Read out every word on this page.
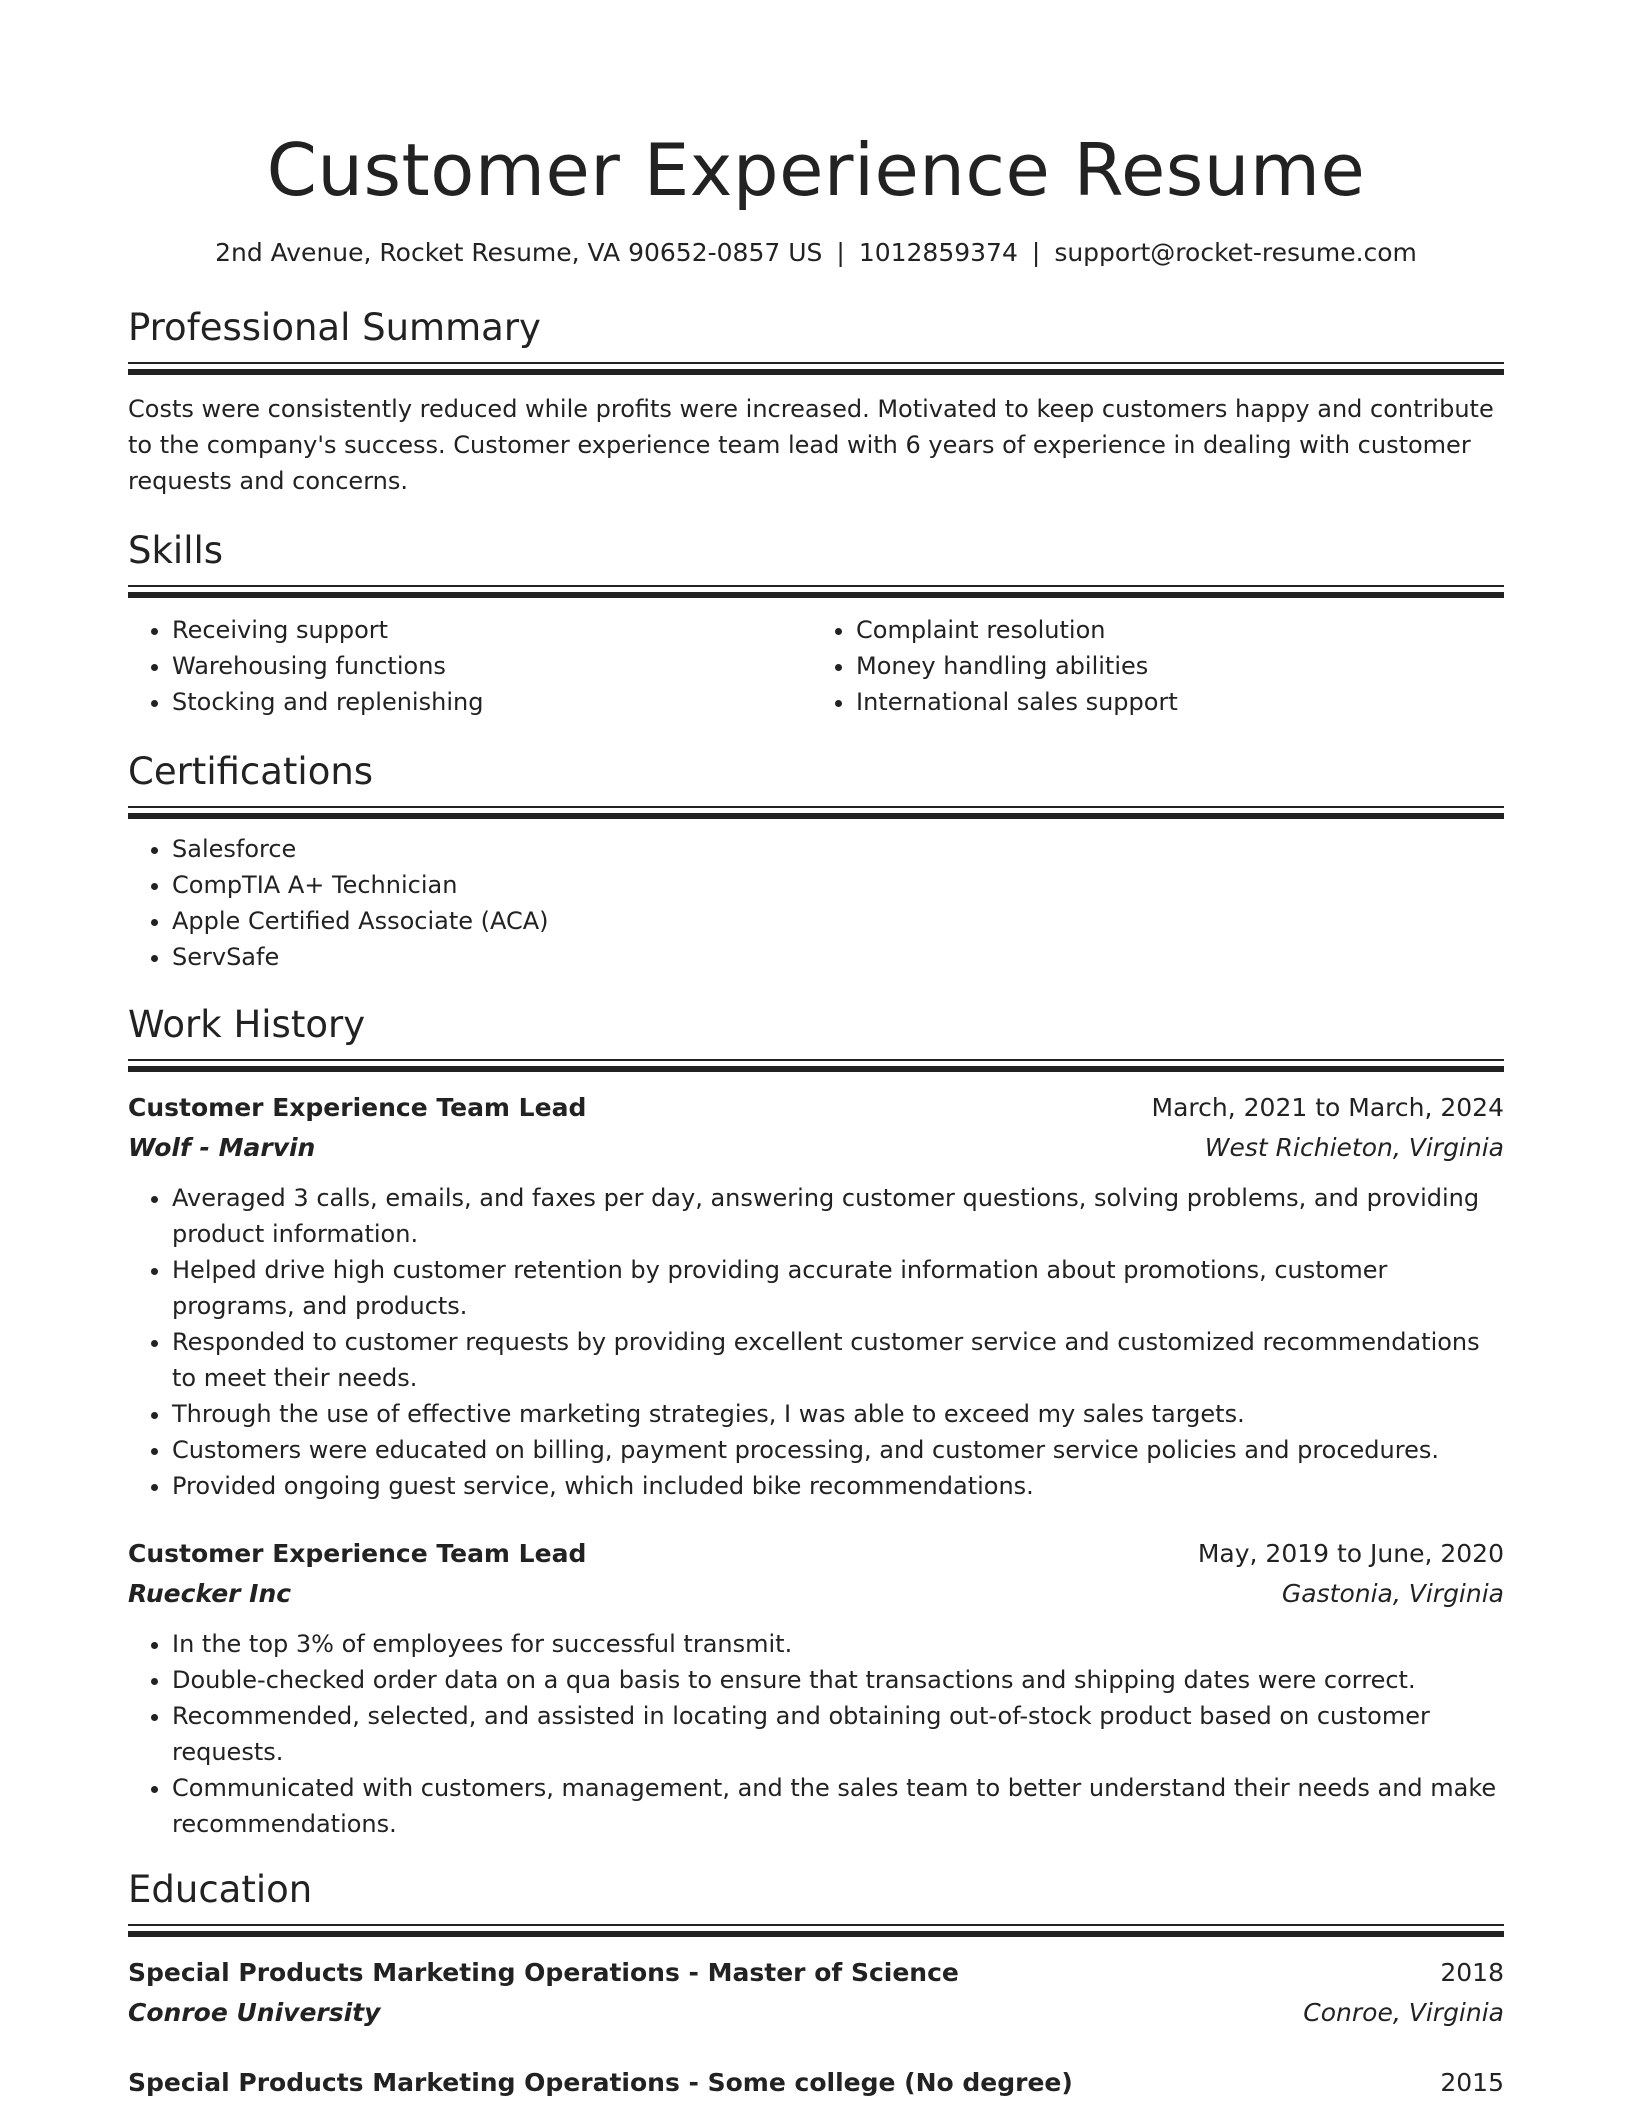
Customer Experience Resume
2nd Avenue, Rocket Resume, VA 90652-0857 US | 1012859374 | support@rocket-resume.com
Professional Summary
Costs were consistently reduced while profits were increased. Motivated to keep customers happy and contribute to the company's success. Customer experience team lead with 6 years of experience in dealing with customer requests and concerns.
Skills
• Receiving support
• Warehousing functions
• Stocking and replenishing
• Complaint resolution
• Money handling abilities
• International sales support
Certifications
• Salesforce
• CompTIA A+ Technician
• Apple Certified Associate (ACA)
• ServSafe
Work History
Customer Experience Team Lead	March, 2021 to March, 2024
Wolf - Marvin	West Richieton, Virginia
• Averaged 3 calls, emails, and faxes per day, answering customer questions, solving problems, and providing product information.
• Helped drive high customer retention by providing accurate information about promotions, customer programs, and products.
• Responded to customer requests by providing excellent customer service and customized recommendations to meet their needs.
• Through the use of effective marketing strategies, I was able to exceed my sales targets.
• Customers were educated on billing, payment processing, and customer service policies and procedures.
• Provided ongoing guest service, which included bike recommendations.
Customer Experience Team Lead	May, 2019 to June, 2020
Ruecker Inc	Gastonia, Virginia
• In the top 3% of employees for successful transmit.
• Double-checked order data on a qua basis to ensure that transactions and shipping dates were correct.
• Recommended, selected, and assisted in locating and obtaining out-of-stock product based on customer requests.
• Communicated with customers, management, and the sales team to better understand their needs and make recommendations.
Education
Special Products Marketing Operations - Master of Science	2018
Conroe University	Conroe, Virginia
Special Products Marketing Operations - Some college (No degree)	2015
